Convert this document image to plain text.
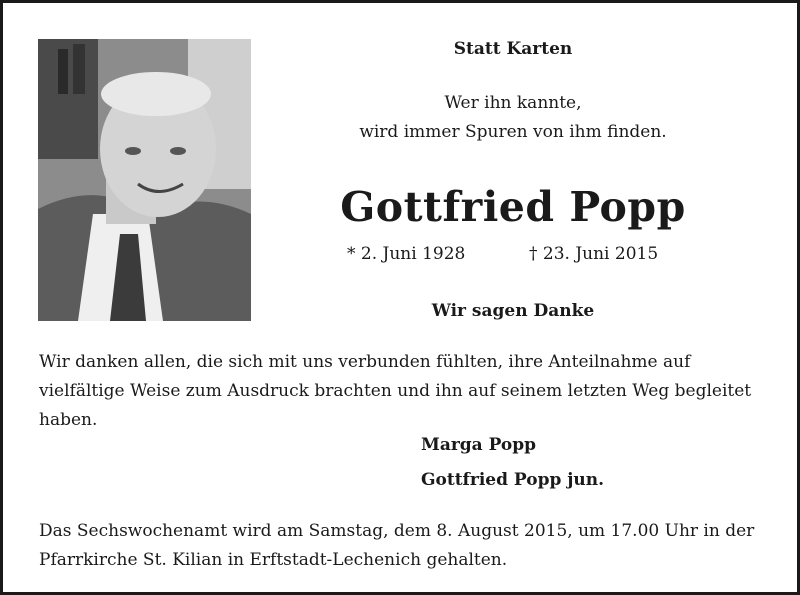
Statt Karten
Wer ihn kannte,
wird immer Spuren von ihm finden.
Gottfried Popp
* 2. Juni 1928	† 23. Juni 2015
Wir sagen Danke
Wir danken allen, die sich mit uns verbunden fühlten, ihre Anteilnahme auf vielfältige Weise zum Ausdruck brachten und ihn auf seinem letzten Weg begleitet haben.
Marga Popp
Gottfried Popp jun.
Das Sechswochenamt wird am Samstag, dem 8. August 2015, um 17.00 Uhr in der Pfarrkirche St. Kilian in Erftstadt-Lechenich gehalten.
